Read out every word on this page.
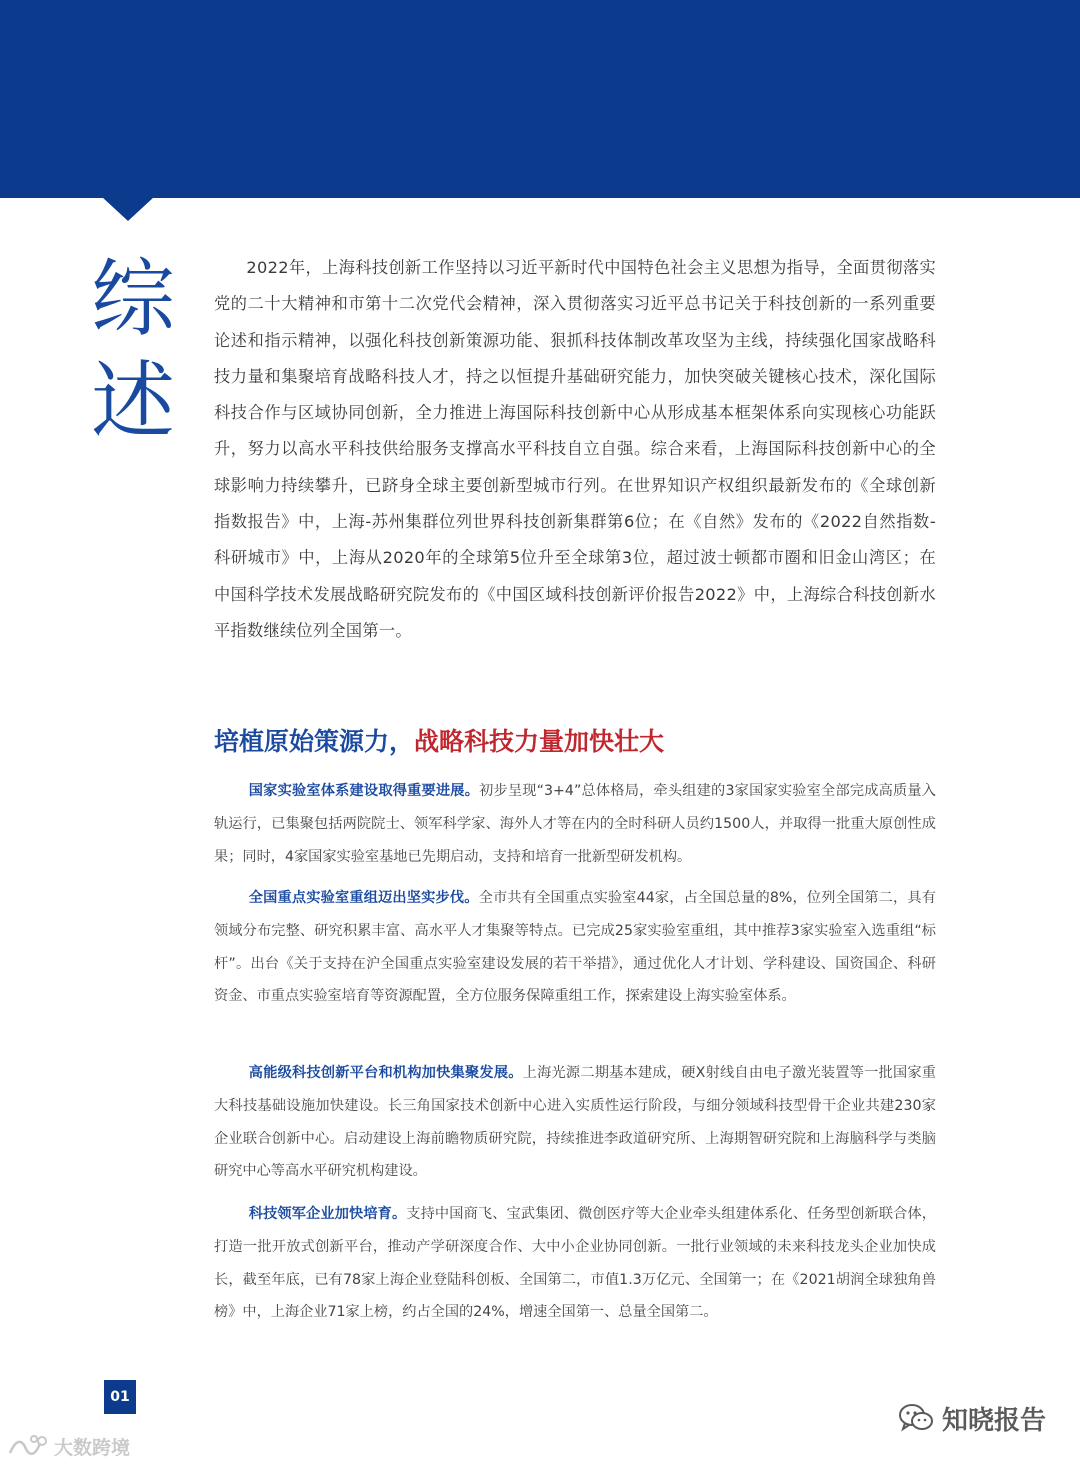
综
述

2022年，上海科技创新工作坚持以习近平新时代中国特色社会主义思想为指导，全面贯彻落实党的二十大精神和市第十二次党代会精神，深入贯彻落实习近平总书记关于科技创新的一系列重要论述和指示精神，以强化科技创新策源功能、狠抓科技体制改革攻坚为主线，持续强化国家战略科技力量和集聚培育战略科技人才，持之以恒提升基础研究能力，加快突破关键核心技术，深化国际科技合作与区域协同创新，全力推进上海国际科技创新中心从形成基本框架体系向实现核心功能跃升，努力以高水平科技供给服务支撑高水平科技自立自强。综合来看，上海国际科技创新中心的全球影响力持续攀升，已跻身全球主要创新型城市行列。在世界知识产权组织最新发布的《全球创新指数报告》中，上海-苏州集群位列世界科技创新集群第6位；在《自然》发布的《2022自然指数-科研城市》中，上海从2020年的全球第5位升至全球第3位，超过波士顿都市圈和旧金山湾区；在中国科学技术发展战略研究院发布的《中国区域科技创新评价报告2022》中，上海综合科技创新水平指数继续位列全国第一。

培植原始策源力，战略科技力量加快壮大

国家实验室体系建设取得重要进展。初步呈现“3+4”总体格局，牵头组建的3家国家实验室全部完成高质量入轨运行，已集聚包括两院院士、领军科学家、海外人才等在内的全时科研人员约1500人，并取得一批重大原创性成果；同时，4家国家实验室基地已先期启动，支持和培育一批新型研发机构。

全国重点实验室重组迈出坚实步伐。全市共有全国重点实验室44家，占全国总量的8%，位列全国第二，具有领域分布完整、研究积累丰富、高水平人才集聚等特点。已完成25家实验室重组，其中推荐3家实验室入选重组“标杆”。出台《关于支持在沪全国重点实验室建设发展的若干举措》，通过优化人才计划、学科建设、国资国企、科研资金、市重点实验室培育等资源配置，全方位服务保障重组工作，探索建设上海实验室体系。

高能级科技创新平台和机构加快集聚发展。上海光源二期基本建成，硬X射线自由电子激光装置等一批国家重大科技基础设施加快建设。长三角国家技术创新中心进入实质性运行阶段，与细分领域科技型骨干企业共建230家企业联合创新中心。启动建设上海前瞻物质研究院，持续推进李政道研究所、上海期智研究院和上海脑科学与类脑研究中心等高水平研究机构建设。

科技领军企业加快培育。支持中国商飞、宝武集团、微创医疗等大企业牵头组建体系化、任务型创新联合体，打造一批开放式创新平台，推动产学研深度合作、大中小企业协同创新。一批行业领域的未来科技龙头企业加快成长，截至年底，已有78家上海企业登陆科创板、全国第二，市值1.3万亿元、全国第一；在《2021胡润全球独角兽榜》中，上海企业71家上榜，约占全国的24%，增速全国第一、总量全国第二。

01
大数跨境
知晓报告
